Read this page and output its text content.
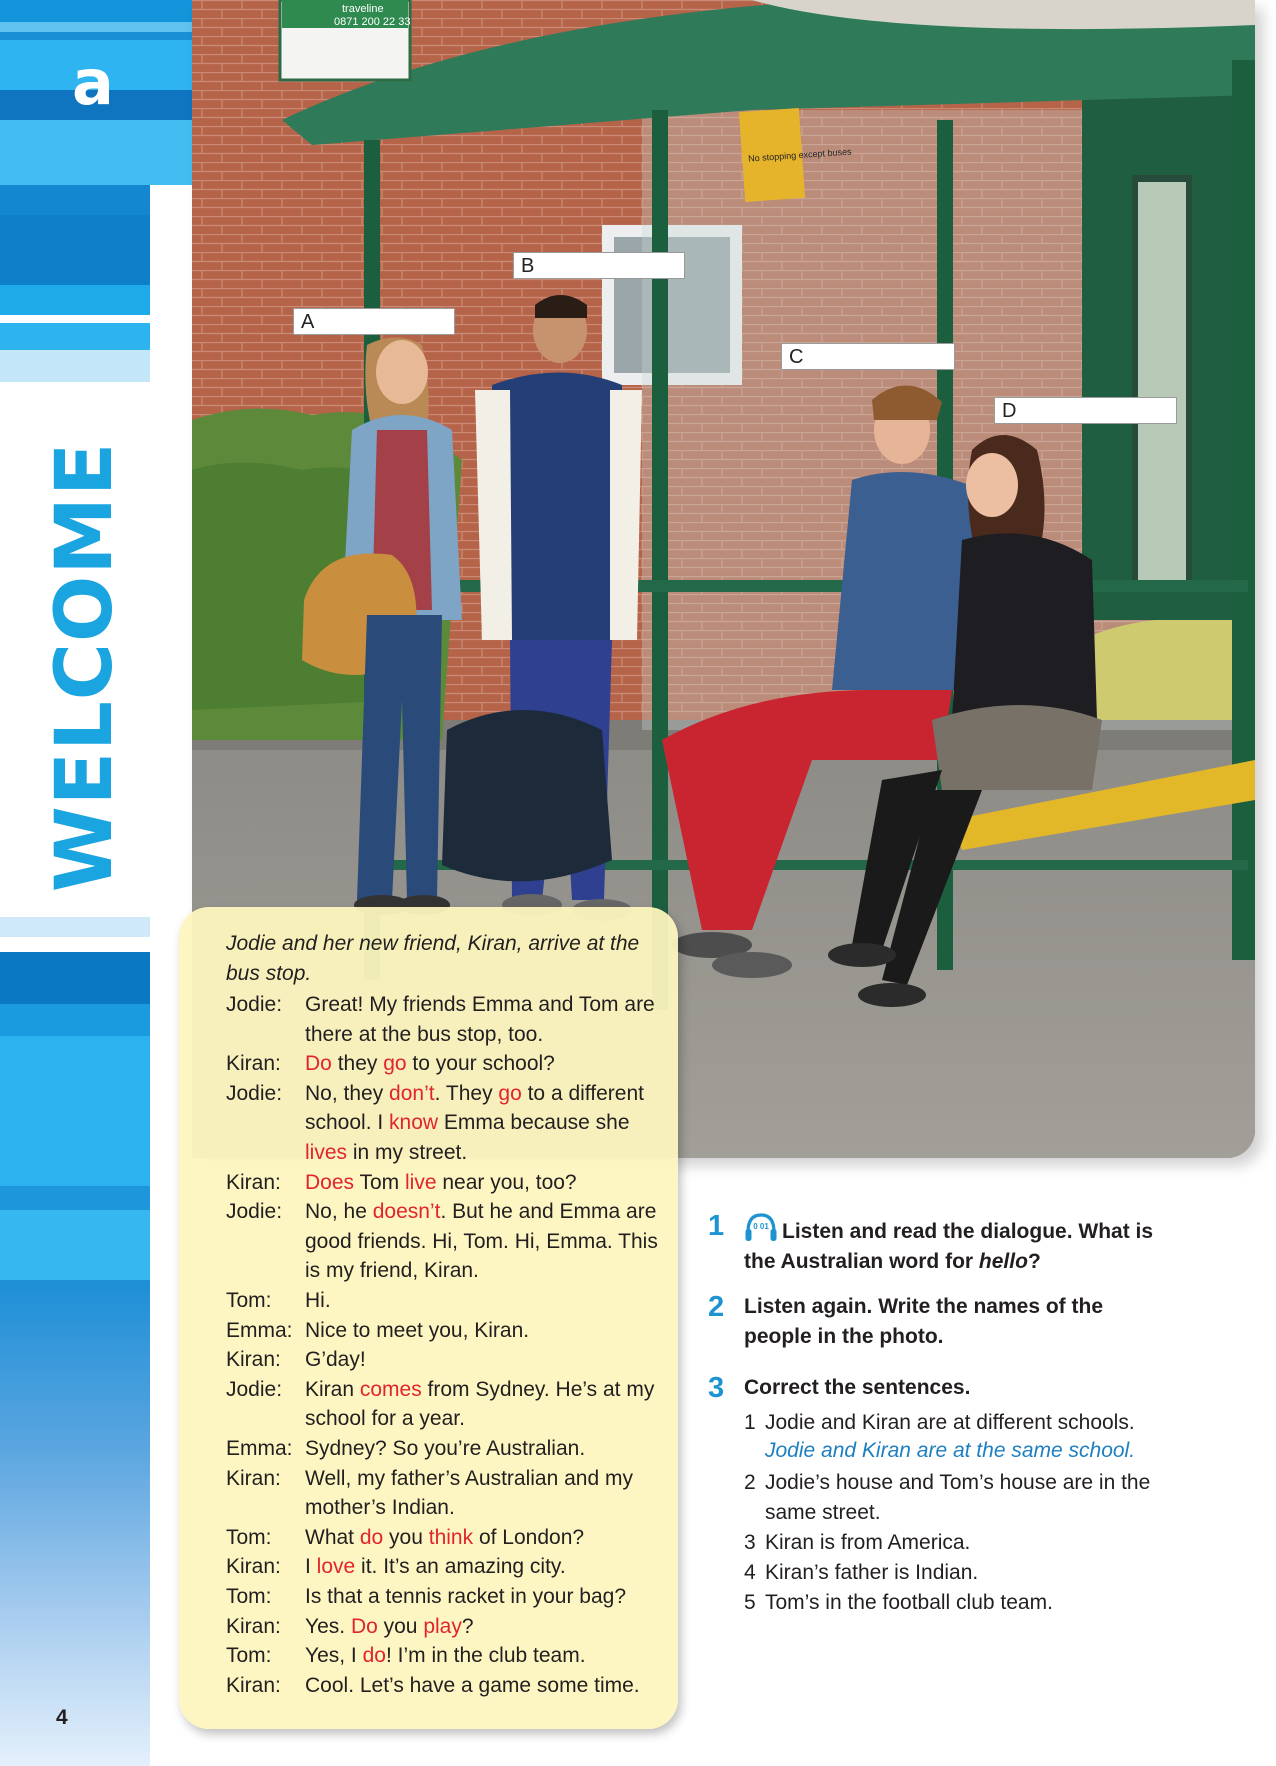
a
WELCOME
4
traveline
0871 200 22 33
No stopping except buses
A
B
C
D
Jodie and her new friend, Kiran, arrive at the bus stop.
Jodie: Great! My friends Emma and Tom are there at the bus stop, too.
Kiran: Do they go to your school?
Jodie: No, they don’t. They go to a different school. I know Emma because she lives in my street.
Kiran: Does Tom live near you, too?
Jodie: No, he doesn’t. But he and Emma are good friends. Hi, Tom. Hi, Emma. This is my friend, Kiran.
Tom: Hi.
Emma: Nice to meet you, Kiran.
Kiran: G’day!
Jodie: Kiran comes from Sydney. He’s at my school for a year.
Emma: Sydney? So you’re Australian.
Kiran: Well, my father’s Australian and my mother’s Indian.
Tom: What do you think of London?
Kiran: I love it. It’s an amazing city.
Tom: Is that a tennis racket in your bag?
Kiran: Yes. Do you play?
Tom: Yes, I do! I’m in the club team.
Kiran: Cool. Let’s have a game some time.
1	0 01 Listen and read the dialogue. What is the Australian word for hello?
2 Listen again. Write the names of the people in the photo.
3 Correct the sentences.
1 Jodie and Kiran are at different schools.
Jodie and Kiran are at the same school.
2 Jodie’s house and Tom’s house are in the same street.
3 Kiran is from America.
4 Kiran’s father is Indian.
5 Tom’s in the football club team.
